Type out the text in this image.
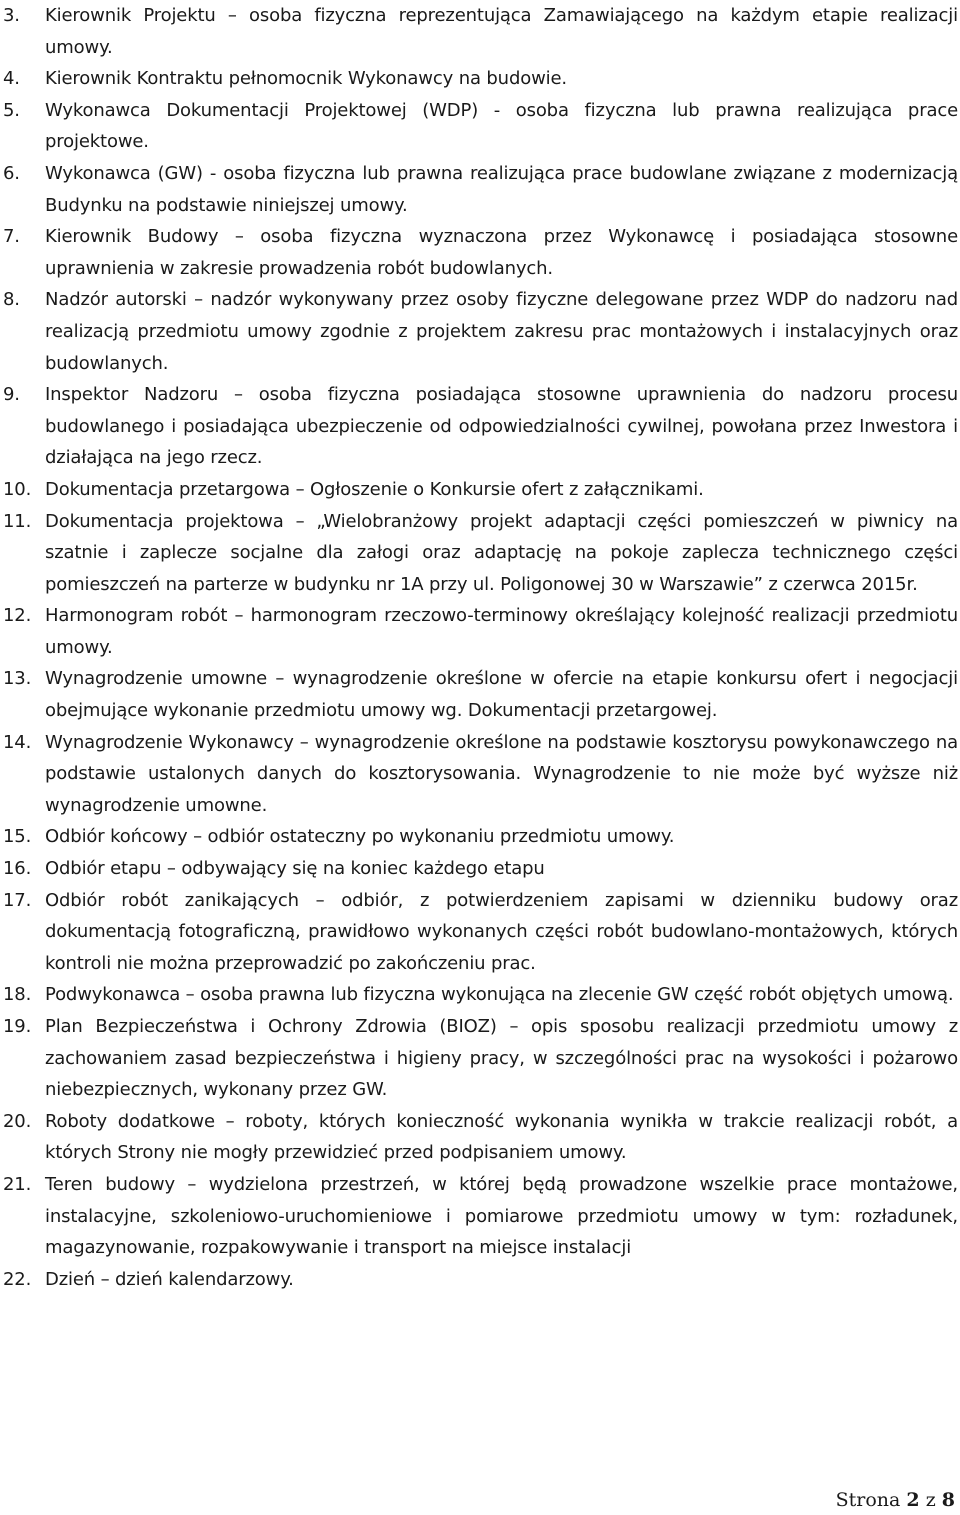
3.	Kierownik Projektu – osoba fizyczna reprezentująca Zamawiającego na każdym etapie realizacji umowy.
4.	Kierownik Kontraktu pełnomocnik Wykonawcy na budowie.
5.	Wykonawca Dokumentacji Projektowej (WDP) - osoba fizyczna lub prawna realizująca prace projektowe.
6.	Wykonawca (GW) - osoba fizyczna lub prawna realizująca prace budowlane związane z modernizacją Budynku na podstawie niniejszej umowy.
7.	Kierownik Budowy – osoba fizyczna wyznaczona przez Wykonawcę i posiadająca stosowne uprawnienia w zakresie prowadzenia robót budowlanych.
8.	Nadzór autorski – nadzór wykonywany przez osoby fizyczne delegowane przez WDP do nadzoru nad realizacją przedmiotu umowy zgodnie z projektem zakresu prac montażowych i instalacyjnych oraz budowlanych.
9.	Inspektor Nadzoru – osoba fizyczna posiadająca stosowne uprawnienia do nadzoru procesu budowlanego i posiadająca ubezpieczenie od odpowiedzialności cywilnej, powołana przez Inwestora i działająca na jego rzecz.
10. Dokumentacja przetargowa – Ogłoszenie o Konkursie ofert z załącznikami.
11. Dokumentacja projektowa – „Wielobranżowy projekt adaptacji części pomieszczeń w piwnicy na szatnie i zaplecze socjalne dla załogi oraz adaptację na pokoje zaplecza technicznego części pomieszczeń na parterze w budynku nr 1A przy ul. Poligonowej 30 w Warszawie” z czerwca 2015r.
12. Harmonogram robót – harmonogram rzeczowo-terminowy określający kolejność realizacji przedmiotu umowy.
13. Wynagrodzenie umowne – wynagrodzenie określone w ofercie na etapie konkursu ofert i negocjacji obejmujące wykonanie przedmiotu umowy wg. Dokumentacji przetargowej.
14. Wynagrodzenie Wykonawcy – wynagrodzenie określone na podstawie kosztorysu powykonawczego na podstawie ustalonych danych do kosztorysowania. Wynagrodzenie to nie może być wyższe niż wynagrodzenie umowne.
15. Odbiór końcowy – odbiór ostateczny po wykonaniu przedmiotu umowy.
16. Odbiór etapu – odbywający się na koniec każdego etapu
17. Odbiór robót zanikających – odbiór, z potwierdzeniem zapisami w dzienniku budowy oraz dokumentacją fotograficzną, prawidłowo wykonanych części robót budowlano-montażowych, których kontroli nie można przeprowadzić po zakończeniu prac.
18. Podwykonawca – osoba prawna lub fizyczna wykonująca na zlecenie GW część robót objętych umową.
19. Plan Bezpieczeństwa i Ochrony Zdrowia (BIOZ) – opis sposobu realizacji przedmiotu umowy z zachowaniem zasad bezpieczeństwa i higieny pracy, w szczególności prac na wysokości i pożarowo niebezpiecznych, wykonany przez GW.
20. Roboty dodatkowe – roboty, których konieczność wykonania wynikła w trakcie realizacji robót, a których Strony nie mogły przewidzieć przed podpisaniem umowy.
21. Teren budowy – wydzielona przestrzeń, w której będą prowadzone wszelkie prace montażowe, instalacyjne, szkoleniowo-uruchomieniowe i pomiarowe przedmiotu umowy w tym: rozładunek, magazynowanie, rozpakowywanie i transport na miejsce instalacji
22. Dzień – dzień kalendarzowy.
Strona 2 z 8
